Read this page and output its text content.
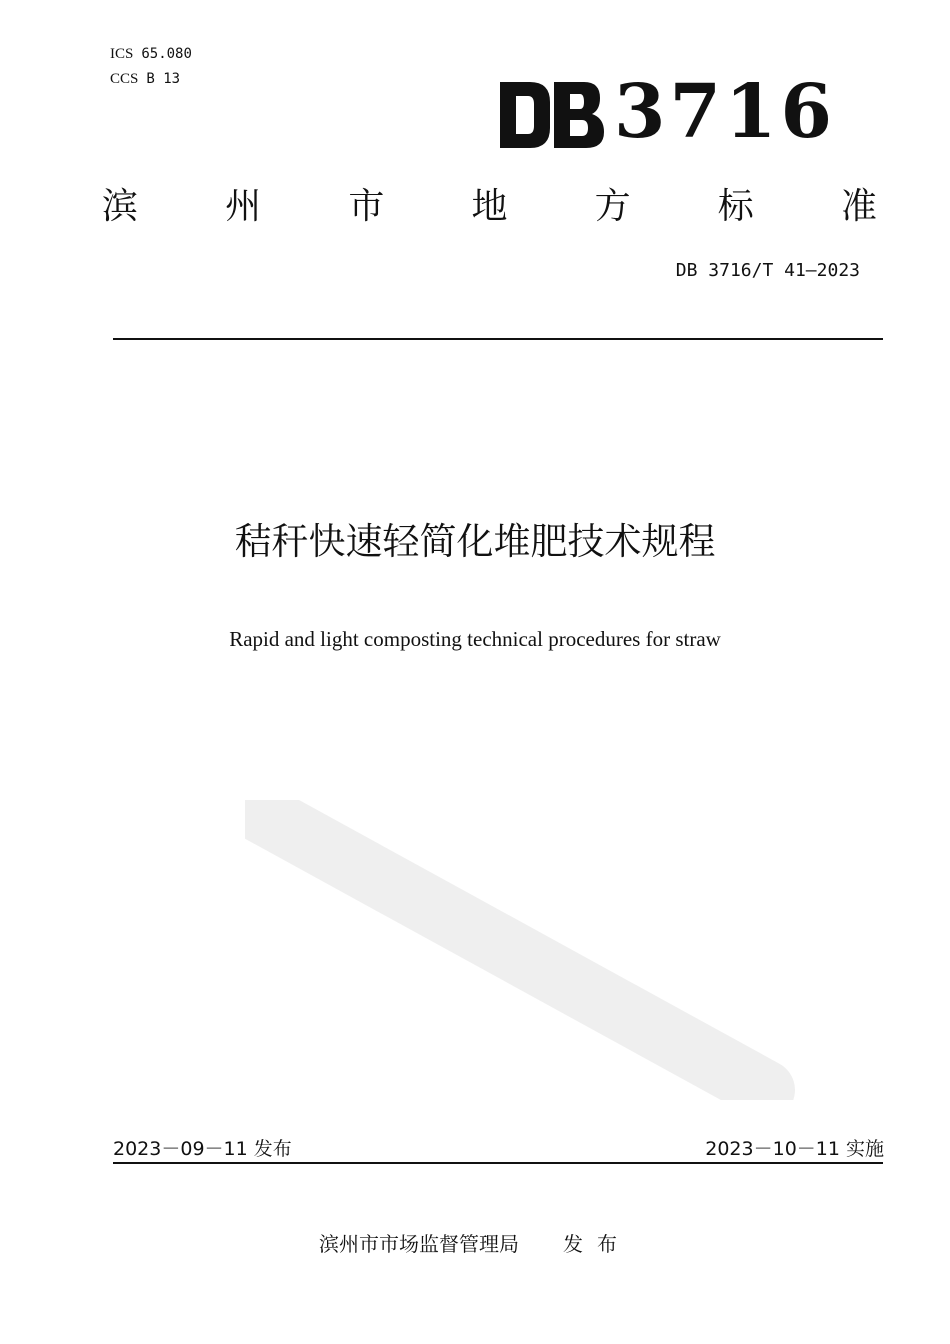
ICS 65.080
CCS B 13	3716
滨 州 市 地 方 标 准
DB 3716/T 41—2023
秸秆快速轻简化堆肥技术规程
Rapid and light composting technical procedures for straw
2023－09－11 发布	2023－10－11 实施
滨州市市场监督管理局 发布
